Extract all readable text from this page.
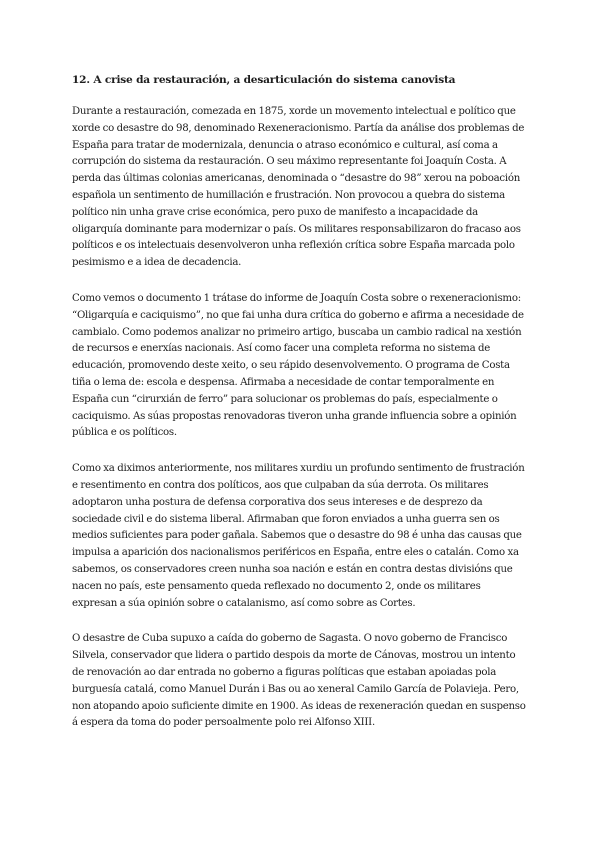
12. A crise da restauración, a desarticulación do sistema canovista

Durante a restauración, comezada en 1875, xorde un movemento intelectual e político que xorde co desastre do 98, denominado Rexeneracionismo. Partía da análise dos problemas de España para tratar de modernizala, denuncia o atraso económico e cultural, así coma a corrupción do sistema da restauración. O seu máximo representante foi Joaquín Costa. A perda das últimas colonias americanas, denominada o “desastre do 98” xerou na poboación española un sentimento de humillación e frustración. Non provocou a quebra do sistema político nin unha grave crise económica, pero puxo de manifesto a incapacidade da oligarquía dominante para modernizar o país. Os militares responsabilizaron do fracaso aos políticos e os intelectuais desenvolveron unha reflexión crítica sobre España marcada polo pesimismo e a idea de decadencia.

Como vemos o documento 1 trátase do informe de Joaquín Costa sobre o rexeneracionismo: “Oligarquía e caciquismo”, no que fai unha dura crítica do goberno e afirma a necesidade de cambialo. Como podemos analizar no primeiro artigo, buscaba un cambio radical na xestión de recursos e enerxías nacionais. Así como facer una completa reforma no sistema de educación, promovendo deste xeito, o seu rápido desenvolvemento. O programa de Costa tiña o lema de: escola e despensa. Afirmaba a necesidade de contar temporalmente en España cun “cirurxián de ferro” para solucionar os problemas do país, especialmente o caciquismo. As súas propostas renovadoras tiveron unha grande influencia sobre a opinión pública e os políticos.

Como xa diximos anteriormente, nos militares xurdiu un profundo sentimento de frustración e resentimento en contra dos políticos, aos que culpaban da súa derrota. Os militares adoptaron unha postura de defensa corporativa dos seus intereses e de desprezo da sociedade civil e do sistema liberal. Afirmaban que foron enviados a unha guerra sen os medios suficientes para poder gañala. Sabemos que o desastre do 98 é unha das causas que impulsa a aparición dos nacionalismos periféricos en España, entre eles o catalán. Como xa sabemos, os conservadores creen nunha soa nación e están en contra destas divisións que nacen no país, este pensamento queda reflexado no documento 2, onde os militares expresan a súa opinión sobre o catalanismo, así como sobre as Cortes.

O desastre de Cuba supuxo a caída do goberno de Sagasta. O novo goberno de Francisco Silvela, conservador que lidera o partido despois da morte de Cánovas, mostrou un intento de renovación ao dar entrada no goberno a figuras políticas que estaban apoiadas pola burguesía catalá, como Manuel Durán i Bas ou ao xeneral Camilo García de Polavieja. Pero, non atopando apoio suficiente dimite en 1900. As ideas de rexeneración quedan en suspenso á espera da toma do poder persoalmente polo rei Alfonso XIII.
